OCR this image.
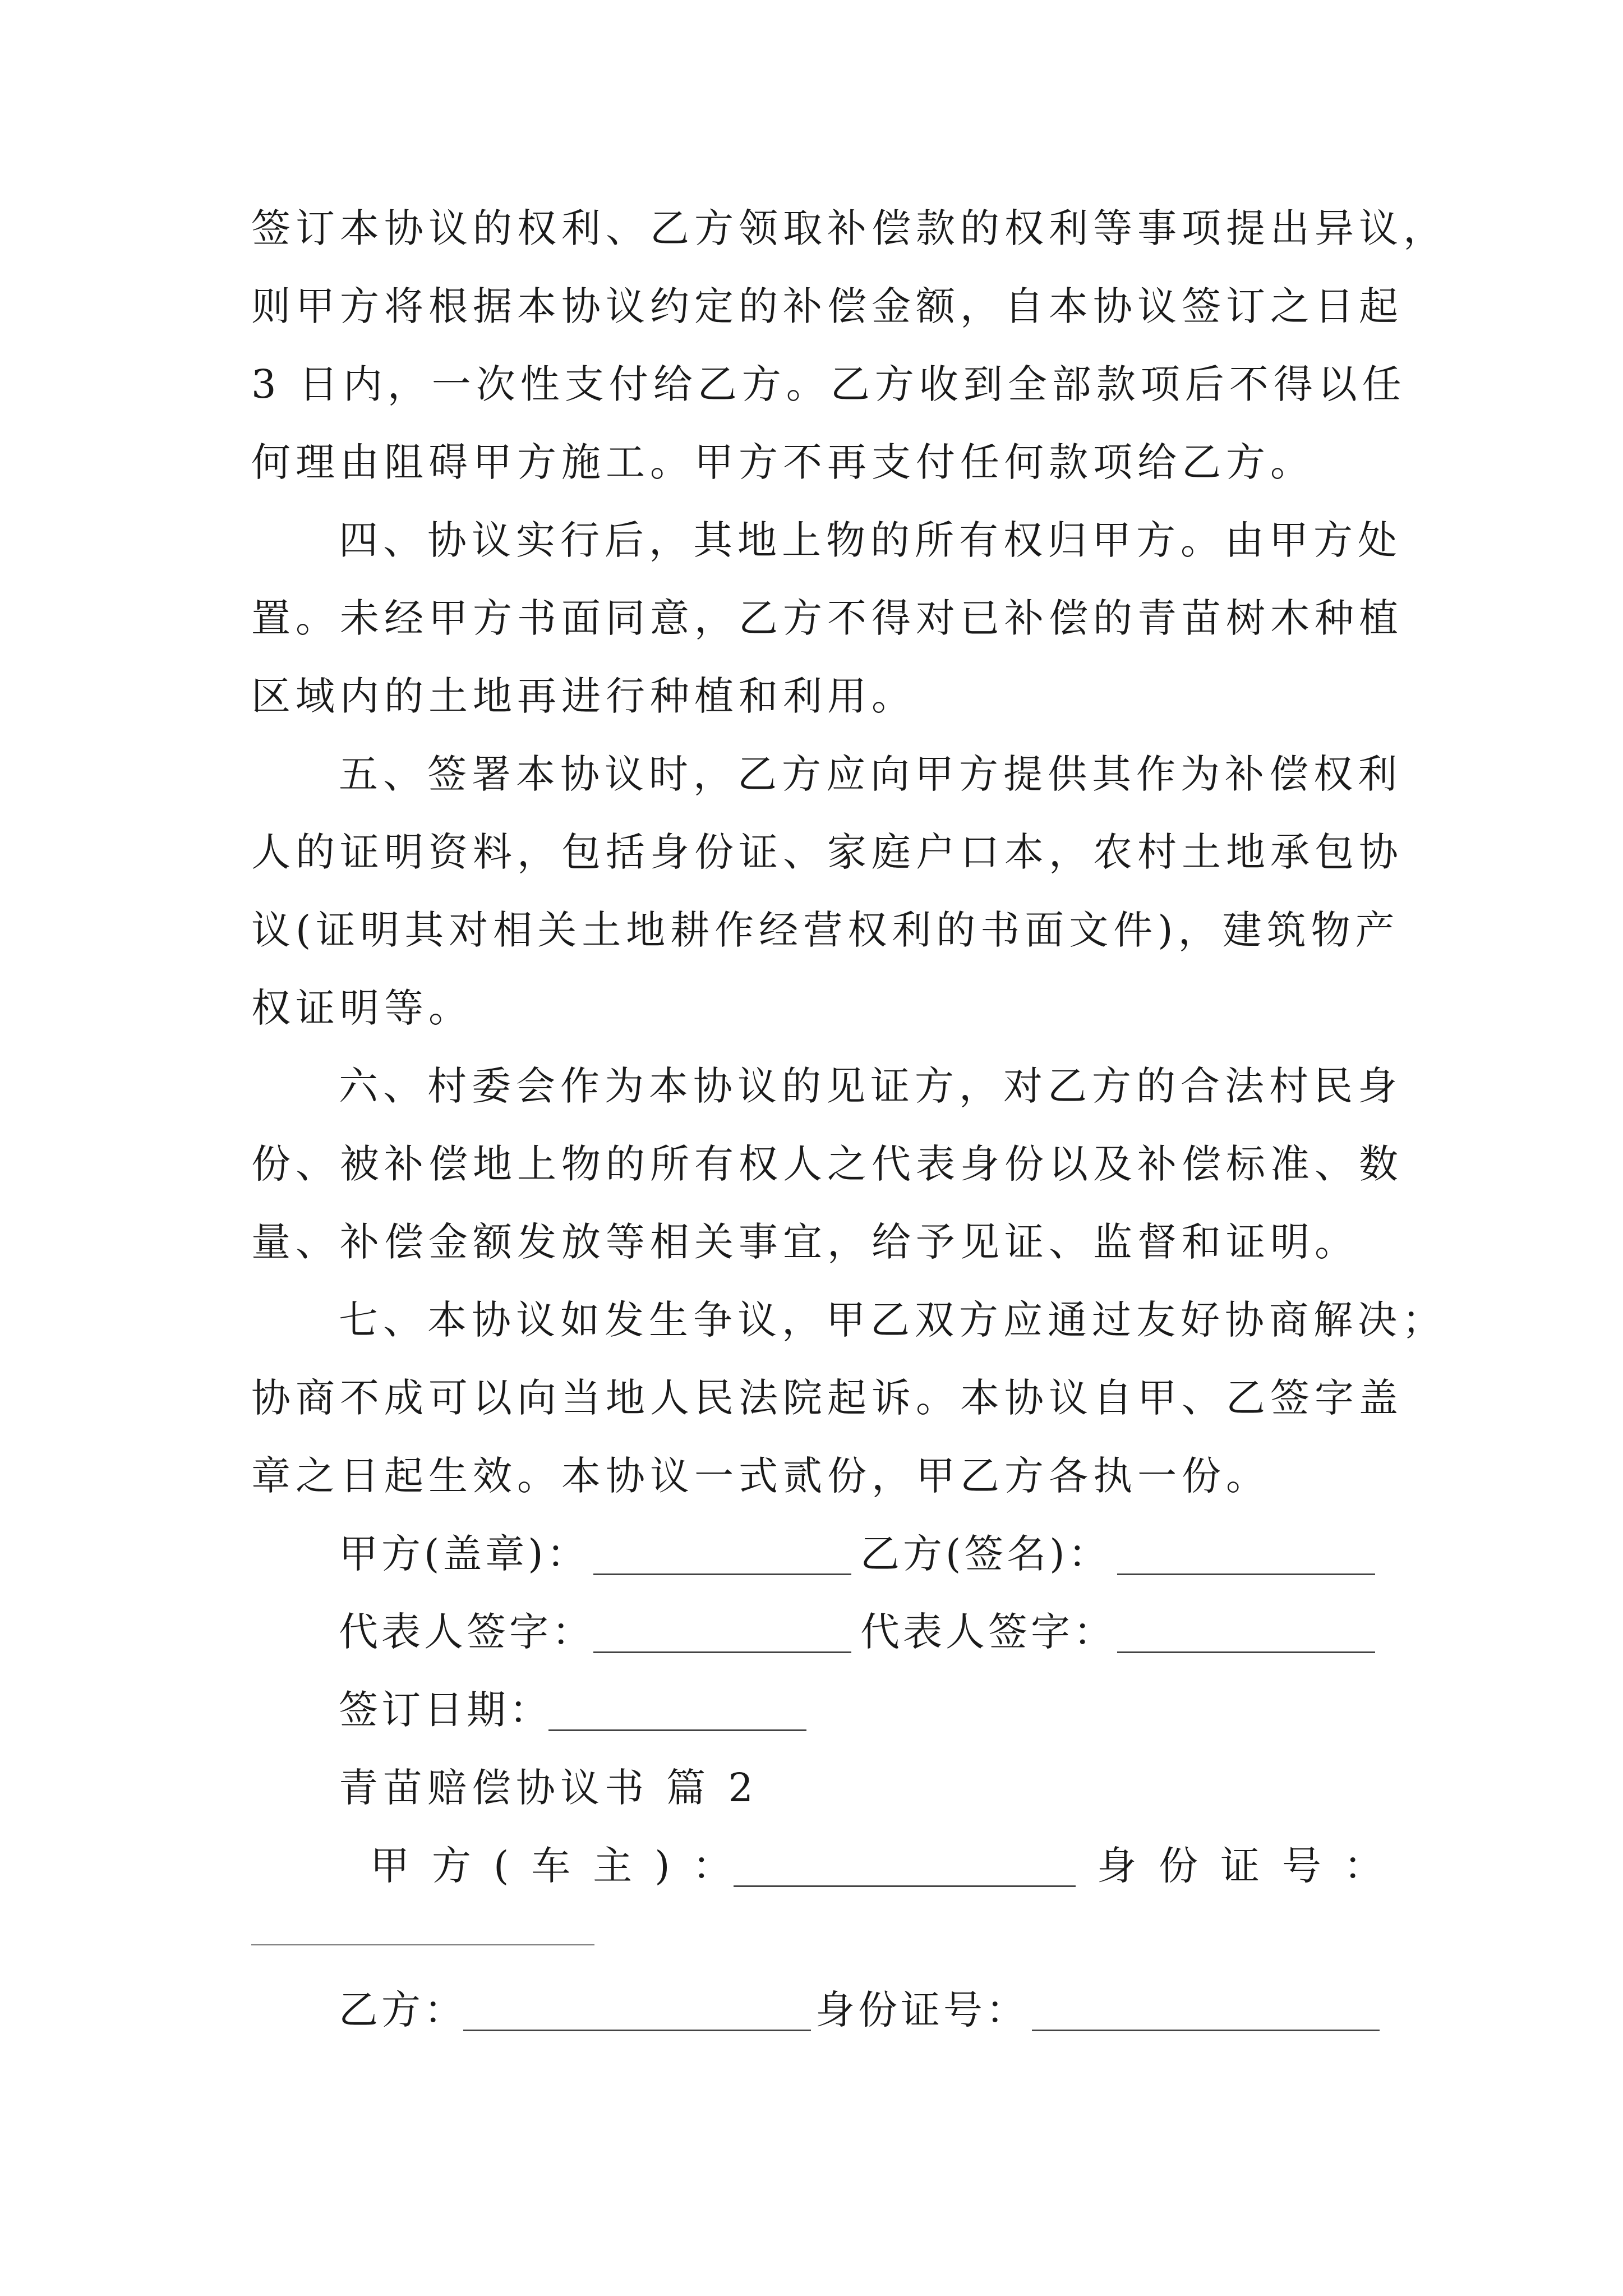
签订本协议的权利、乙方领取补偿款的权利等事项提出异议，
则甲方将根据本协议约定的补偿金额，自本协议签订之日起
3 日内，一次性支付给乙方。乙方收到全部款项后不得以任
何理由阻碍甲方施工。甲方不再支付任何款项给乙方。
四、协议实行后，其地上物的所有权归甲方。由甲方处
置。未经甲方书面同意，乙方不得对已补偿的青苗树木种植
区域内的土地再进行种植和利用。
五、签署本协议时，乙方应向甲方提供其作为补偿权利
人的证明资料，包括身份证、家庭户口本，农村土地承包协
议(证明其对相关土地耕作经营权利的书面文件)，建筑物产
权证明等。
六、村委会作为本协议的见证方，对乙方的合法村民身
份、被补偿地上物的所有权人之代表身份以及补偿标准、数
量、补偿金额发放等相关事宜，给予见证、监督和证明。
七、本协议如发生争议，甲乙双方应通过友好协商解决；
协商不成可以向当地人民法院起诉。本协议自甲、乙签字盖
章之日起生效。本协议一式贰份，甲乙方各执一份。
甲方(盖章)：	乙方(签名)：
代表人签字：	代表人签字：
签订日期：
青苗赔偿协议书 篇 2
甲方(车主)：	身份证号：
乙方：	身份证号：
